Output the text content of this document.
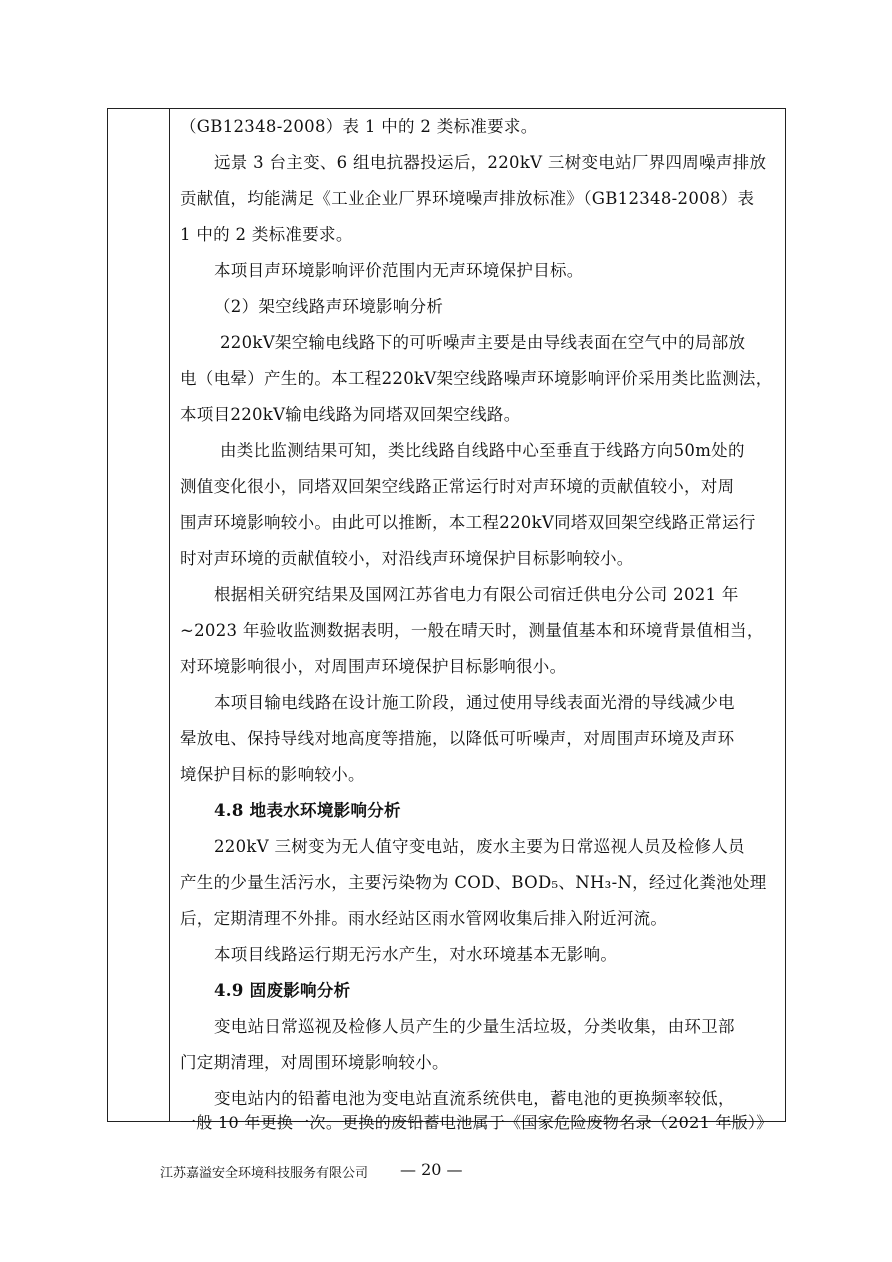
（GB12348-2008）表 1 中的 2 类标准要求。
远景 3 台主变、6 组电抗器投运后，220kV 三树变电站厂界四周噪声排放
贡献值，均能满足《工业企业厂界环境噪声排放标准》（GB12348-2008）表
1 中的 2 类标准要求。
本项目声环境影响评价范围内无声环境保护目标。
（2）架空线路声环境影响分析
220kV架空输电线路下的可听噪声主要是由导线表面在空气中的局部放
电（电晕）产生的。本工程220kV架空线路噪声环境影响评价采用类比监测法，
本项目220kV输电线路为同塔双回架空线路。
由类比监测结果可知，类比线路自线路中心至垂直于线路方向50m处的
测值变化很小，同塔双回架空线路正常运行时对声环境的贡献值较小，对周
围声环境影响较小。由此可以推断，本工程220kV同塔双回架空线路正常运行
时对声环境的贡献值较小，对沿线声环境保护目标影响较小。
根据相关研究结果及国网江苏省电力有限公司宿迁供电分公司 2021 年
~2023 年验收监测数据表明，一般在晴天时，测量值基本和环境背景值相当，
对环境影响很小，对周围声环境保护目标影响很小。
本项目输电线路在设计施工阶段，通过使用导线表面光滑的导线减少电
晕放电、保持导线对地高度等措施，以降低可听噪声，对周围声环境及声环
境保护目标的影响较小。
4.8 地表水环境影响分析
220kV 三树变为无人值守变电站，废水主要为日常巡视人员及检修人员
产生的少量生活污水，主要污染物为 COD、BOD₅、NH₃-N，经过化粪池处理
后，定期清理不外排。雨水经站区雨水管网收集后排入附近河流。
本项目线路运行期无污水产生，对水环境基本无影响。
4.9 固废影响分析
变电站日常巡视及检修人员产生的少量生活垃圾，分类收集，由环卫部
门定期清理，对周围环境影响较小。
变电站内的铅蓄电池为变电站直流系统供电，蓄电池的更换频率较低，
一般 10 年更换一次。更换的废铅蓄电池属于《国家危险废物名录（2021 年版）》
江苏嘉溢安全环境科技服务有限公司 — 20 —
